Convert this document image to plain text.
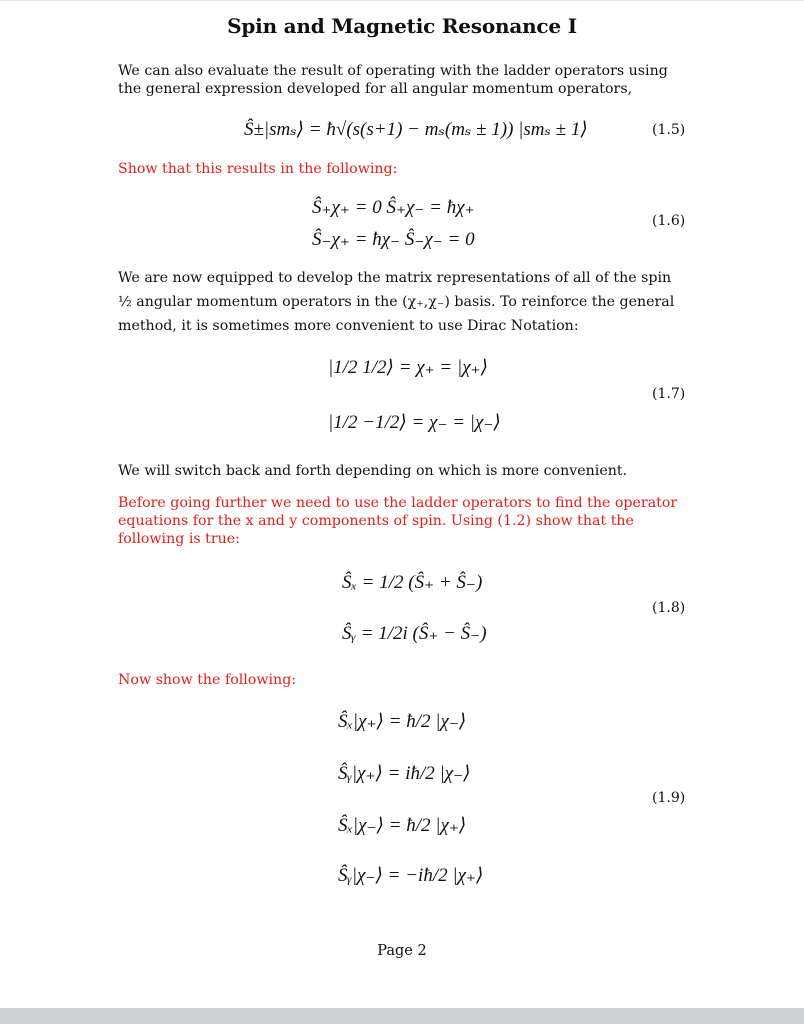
Spin and Magnetic Resonance I
We can also evaluate the result of operating with the ladder operators using the general expression developed for all angular momentum operators,
Ŝ±|smₛ⟩ = ħ√(s(s+1) − mₛ(mₛ ± 1)) |smₛ ± 1⟩	(1.5)
Show that this results in the following:
Ŝ₊χ₊ = 0 Ŝ₊χ₋ = ħχ₊
Ŝ₋χ₊ = ħχ₋ Ŝ₋χ₋ = 0
(1.6)
We are now equipped to develop the matrix representations of all of the spin ½ angular momentum operators in the (χ₊,χ₋) basis. To reinforce the general method, it is sometimes more convenient to use Dirac Notation:
|1/2 1/2⟩ = χ₊ = |χ₊⟩
|1/2 −1/2⟩ = χ₋ = |χ₋⟩
(1.7)
We will switch back and forth depending on which is more convenient.
Before going further we need to use the ladder operators to find the operator equations for the x and y components of spin. Using (1.2) show that the following is true:
Ŝₓ = 1/2 (Ŝ₊ + Ŝ₋)
Ŝᵧ = 1/2i (Ŝ₊ − Ŝ₋)
(1.8)
Now show the following:
Ŝₓ|χ₊⟩ = ħ/2 |χ₋⟩
Ŝᵧ|χ₊⟩ = iħ/2 |χ₋⟩
Ŝₓ|χ₋⟩ = ħ/2 |χ₊⟩
Ŝᵧ|χ₋⟩ = −iħ/2 |χ₊⟩
(1.9)
Page 2
